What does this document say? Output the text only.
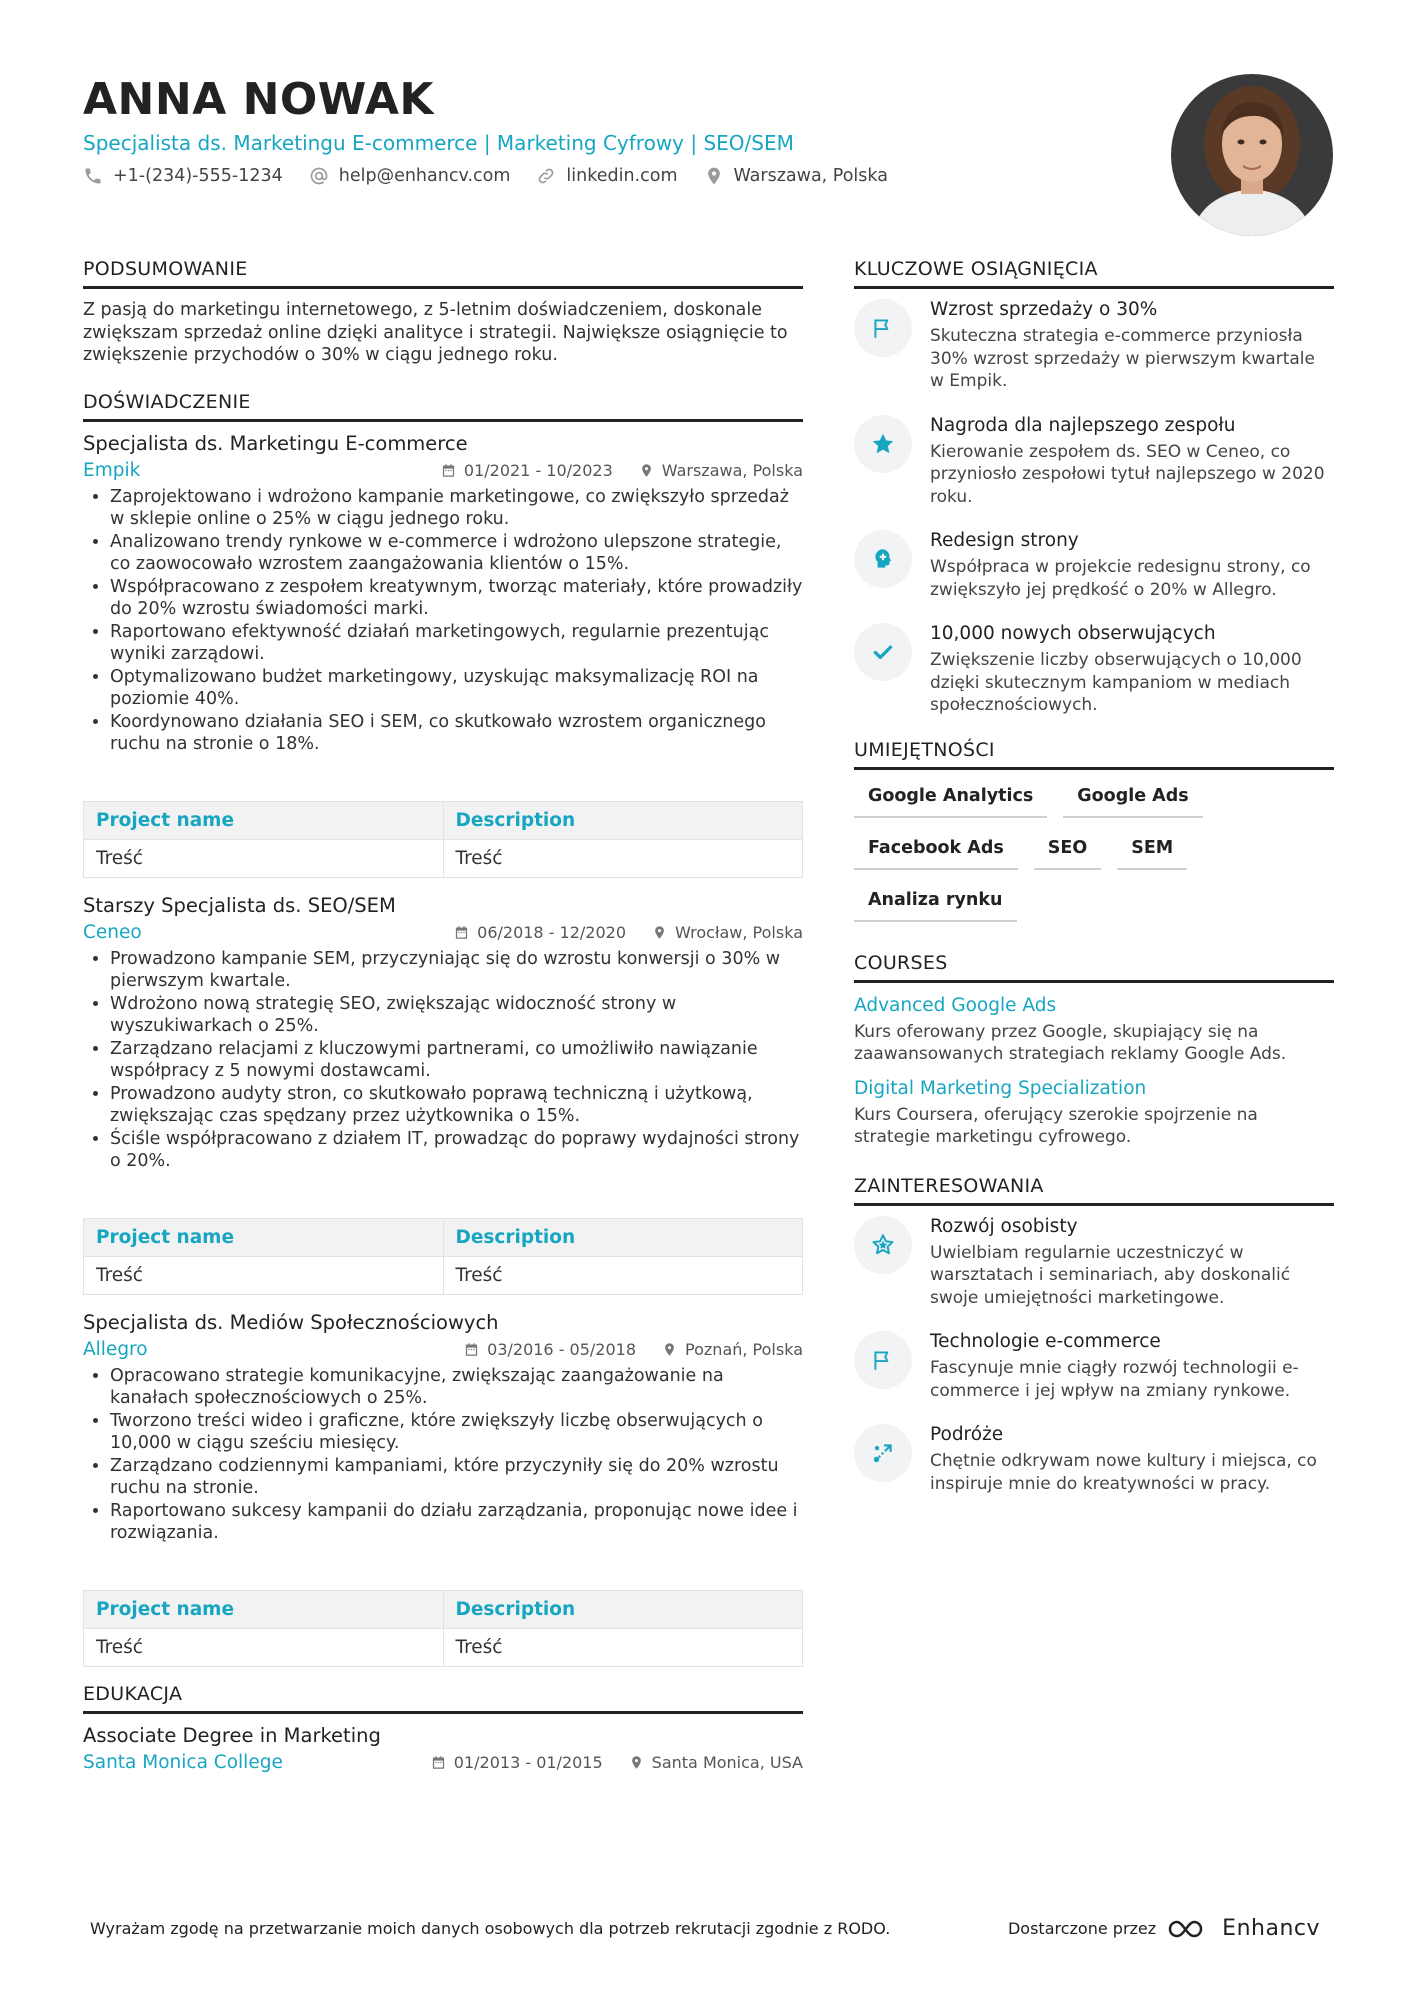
ANNA NOWAK
Specjalista ds. Marketingu E-commerce | Marketing Cyfrowy | SEO/SEM
+1-(234)-555-1234	help@enhancv.com	linkedin.com	Warszawa, Polska
PODSUMOWANIE
Z pasją do marketingu internetowego, z 5-letnim doświadczeniem, doskonale zwiększam sprzedaż online dzięki analityce i strategii. Największe osiągnięcie to zwiększenie przychodów o 30% w ciągu jednego roku.
DOŚWIADCZENIE
Specjalista ds. Marketingu E-commerce
Empik	01/2021 - 10/2023	Warszawa, Polska
• Zaprojektowano i wdrożono kampanie marketingowe, co zwiększyło sprzedaż w sklepie online o 25% w ciągu jednego roku.
• Analizowano trendy rynkowe w e-commerce i wdrożono ulepszone strategie, co zaowocowało wzrostem zaangażowania klientów o 15%.
• Współpracowano z zespołem kreatywnym, tworząc materiały, które prowadziły do 20% wzrostu świadomości marki.
• Raportowano efektywność działań marketingowych, regularnie prezentując wyniki zarządowi.
• Optymalizowano budżet marketingowy, uzyskując maksymalizację ROI na poziomie 40%.
• Koordynowano działania SEO i SEM, co skutkowało wzrostem organicznego ruchu na stronie o 18%.
Project name	Description
Treść	Treść
Starszy Specjalista ds. SEO/SEM
Ceneo	06/2018 - 12/2020	Wrocław, Polska
• Prowadzono kampanie SEM, przyczyniając się do wzrostu konwersji o 30% w pierwszym kwartale.
• Wdrożono nową strategię SEO, zwiększając widoczność strony w wyszukiwarkach o 25%.
• Zarządzano relacjami z kluczowymi partnerami, co umożliwiło nawiązanie współpracy z 5 nowymi dostawcami.
• Prowadzono audyty stron, co skutkowało poprawą techniczną i użytkową, zwiększając czas spędzany przez użytkownika o 15%.
• Ściśle współpracowano z działem IT, prowadząc do poprawy wydajności strony o 20%.
Project name	Description
Treść	Treść
Specjalista ds. Mediów Społecznościowych
Allegro	03/2016 - 05/2018	Poznań, Polska
• Opracowano strategie komunikacyjne, zwiększając zaangażowanie na kanałach społecznościowych o 25%.
• Tworzono treści wideo i graficzne, które zwiększyły liczbę obserwujących o 10,000 w ciągu sześciu miesięcy.
• Zarządzano codziennymi kampaniami, które przyczyniły się do 20% wzrostu ruchu na stronie.
• Raportowano sukcesy kampanii do działu zarządzania, proponując nowe idee i rozwiązania.
Project name	Description
Treść	Treść
EDUKACJA
Associate Degree in Marketing
Santa Monica College	01/2013 - 01/2015	Santa Monica, USA
KLUCZOWE OSIĄGNIĘCIA
Wzrost sprzedaży o 30%
Skuteczna strategia e-commerce przyniosła 30% wzrost sprzedaży w pierwszym kwartale w Empik.
Nagroda dla najlepszego zespołu
Kierowanie zespołem ds. SEO w Ceneo, co przyniosło zespołowi tytuł najlepszego w 2020 roku.
Redesign strony
Współpraca w projekcie redesignu strony, co zwiększyło jej prędkość o 20% w Allegro.
10,000 nowych obserwujących
Zwiększenie liczby obserwujących o 10,000 dzięki skutecznym kampaniom w mediach społecznościowych.
UMIEJĘTNOŚCI
Google Analytics	Google Ads
Facebook Ads	SEO	SEM
Analiza rynku
COURSES
Advanced Google Ads
Kurs oferowany przez Google, skupiający się na zaawansowanych strategiach reklamy Google Ads.
Digital Marketing Specialization
Kurs Coursera, oferujący szerokie spojrzenie na strategie marketingu cyfrowego.
ZAINTERESOWANIA
Rozwój osobisty
Uwielbiam regularnie uczestniczyć w warsztatach i seminariach, aby doskonalić swoje umiejętności marketingowe.
Technologie e-commerce
Fascynuje mnie ciągły rozwój technologii e-commerce i jej wpływ na zmiany rynkowe.
Podróże
Chętnie odkrywam nowe kultury i miejsca, co inspiruje mnie do kreatywności w pracy.
Wyrażam zgodę na przetwarzanie moich danych osobowych dla potrzeb rekrutacji zgodnie z RODO.	Dostarczone przez	Enhancv
